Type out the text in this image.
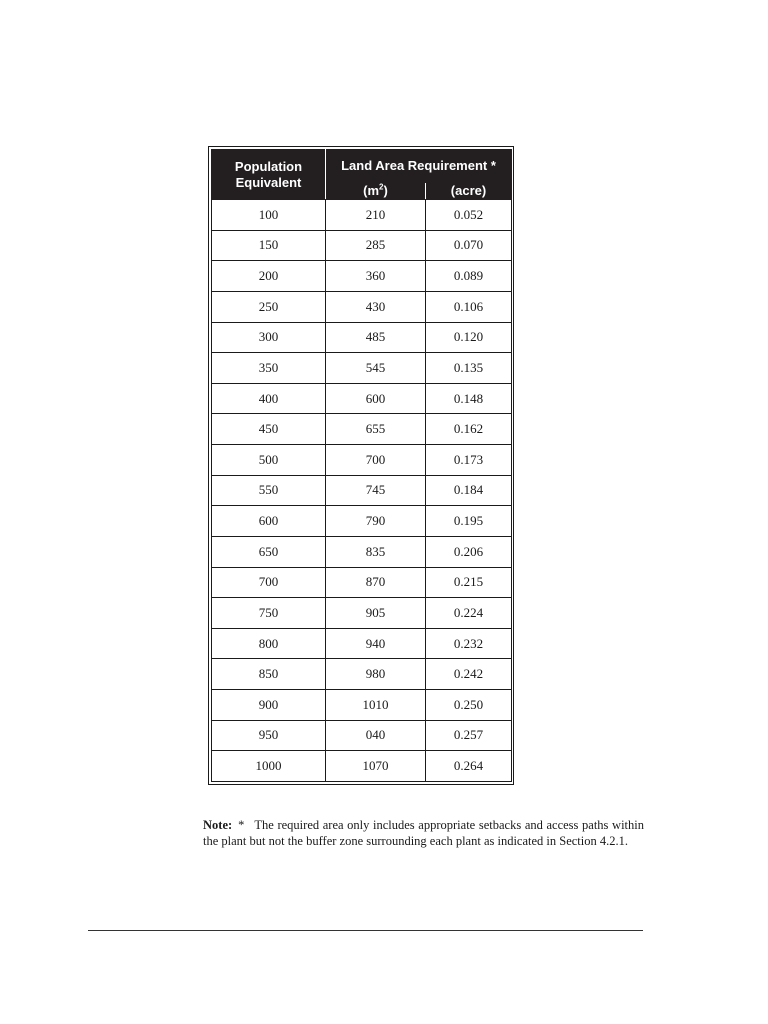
Population Equivalent	Land Area Requirement *	
	$(m^2)$	(acre)
100	210	0.052
150	285	0.070
200	360	0.089
250	430	0.106
300	485	0.120
350	545	0.135
400	600	0.148
450	655	0.162
500	700	0.173
550	745	0.184
600	790	0.195
650	835	0.206
700	870	0.215
750	905	0.224
800	940	0.232
850	980	0.242
900	1010	0.250
950	040	0.257
1000	1070	0.264

Note: * The required area only includes appropriate setbacks and access paths within the plant but not the buffer zone surrounding each plant as indicated in Section 4.2.1.
